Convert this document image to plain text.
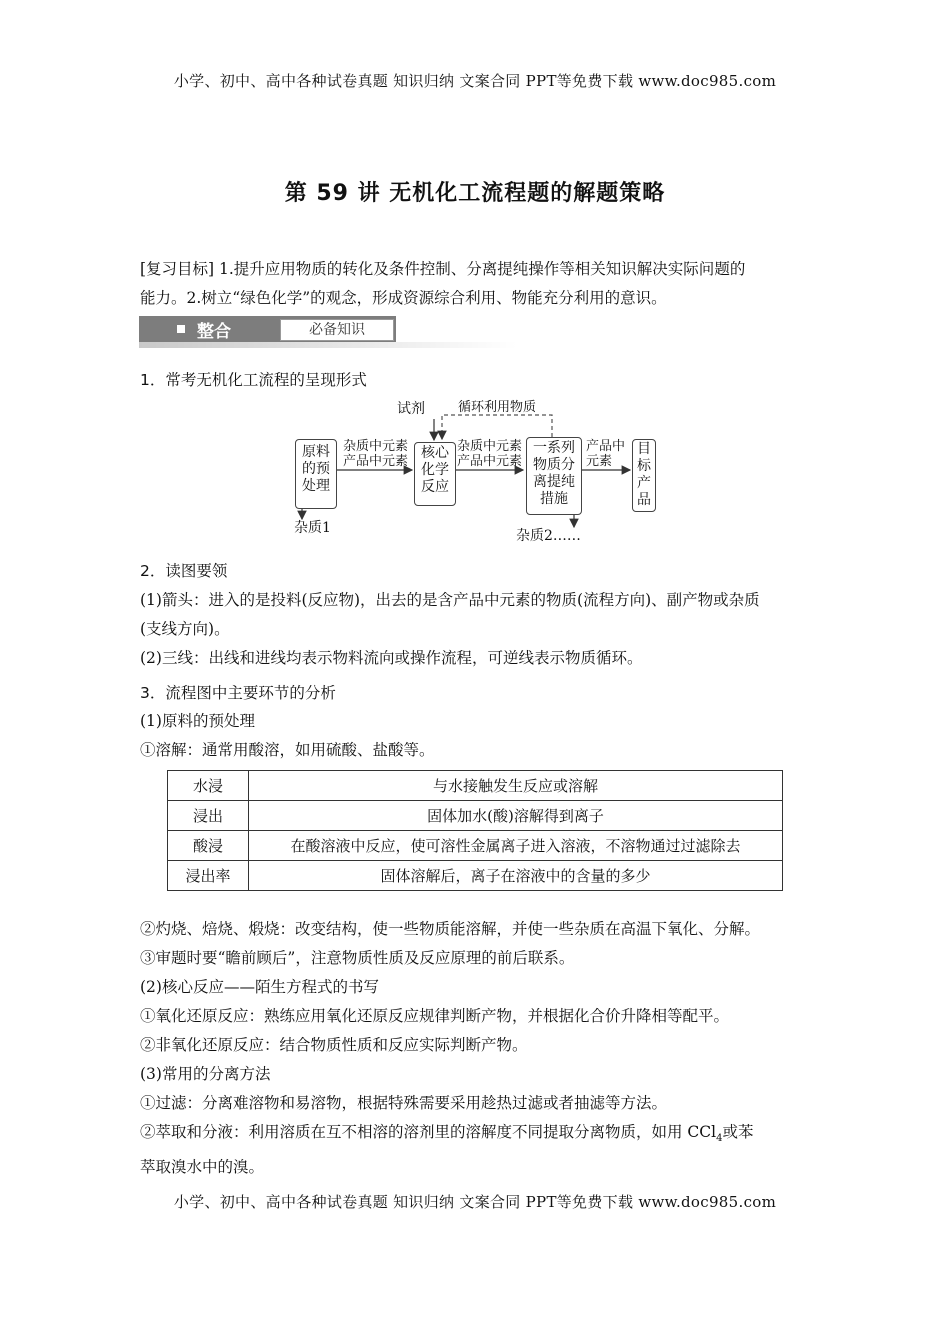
小学、初中、高中各种试卷真题 知识归纳 文案合同 PPT等免费下载 www.doc985.com
第 59 讲 无机化工流程题的解题策略

[复习目标] 1.提升应用物质的转化及条件控制、分离提纯操作等相关知识解决实际问题的

能力。2.树立“绿色化学”的观念，形成资源综合利用、物能充分利用的意识。

整合	必备知识
1．常考无机化工流程的呈现形式
原料
的预
处理
核心
化学
反应
一系列
物质分
离提纯
措施
目
标
产
品
试剂	循环利用物质
杂质中元素
产品中元素
杂质中元素
产品中元素
产品中
元素
杂质1	杂质2……
2．读图要领

(1)箭头：进入的是投料(反应物)，出去的是含产品中元素的物质(流程方向)、副产物或杂质

(支线方向)。

(2)三线：出线和进线均表示物料流向或操作流程，可逆线表示物质循环。

3．流程图中主要环节的分析

(1)原料的预处理

①溶解：通常用酸溶，如用硫酸、盐酸等。

水浸	与水接触发生反应或溶解
浸出	固体加水(酸)溶解得到离子
酸浸	在酸溶液中反应，使可溶性金属离子进入溶液，不溶物通过过滤除去
浸出率	固体溶解后，离子在溶液中的含量的多少

②灼烧、焙烧、煅烧：改变结构，使一些物质能溶解，并使一些杂质在高温下氧化、分解。

③审题时要“瞻前顾后”，注意物质性质及反应原理的前后联系。

(2)核心反应——陌生方程式的书写

①氧化还原反应：熟练应用氧化还原反应规律判断产物，并根据化合价升降相等配平。

②非氧化还原反应：结合物质性质和反应实际判断产物。

(3)常用的分离方法

①过滤：分离难溶物和易溶物，根据特殊需要采用趁热过滤或者抽滤等方法。

②萃取和分液：利用溶质在互不相溶的溶剂里的溶解度不同提取分离物质，如用 CCl$_4$或苯

萃取溴水中的溴。

小学、初中、高中各种试卷真题 知识归纳 文案合同 PPT等免费下载 www.doc985.com
